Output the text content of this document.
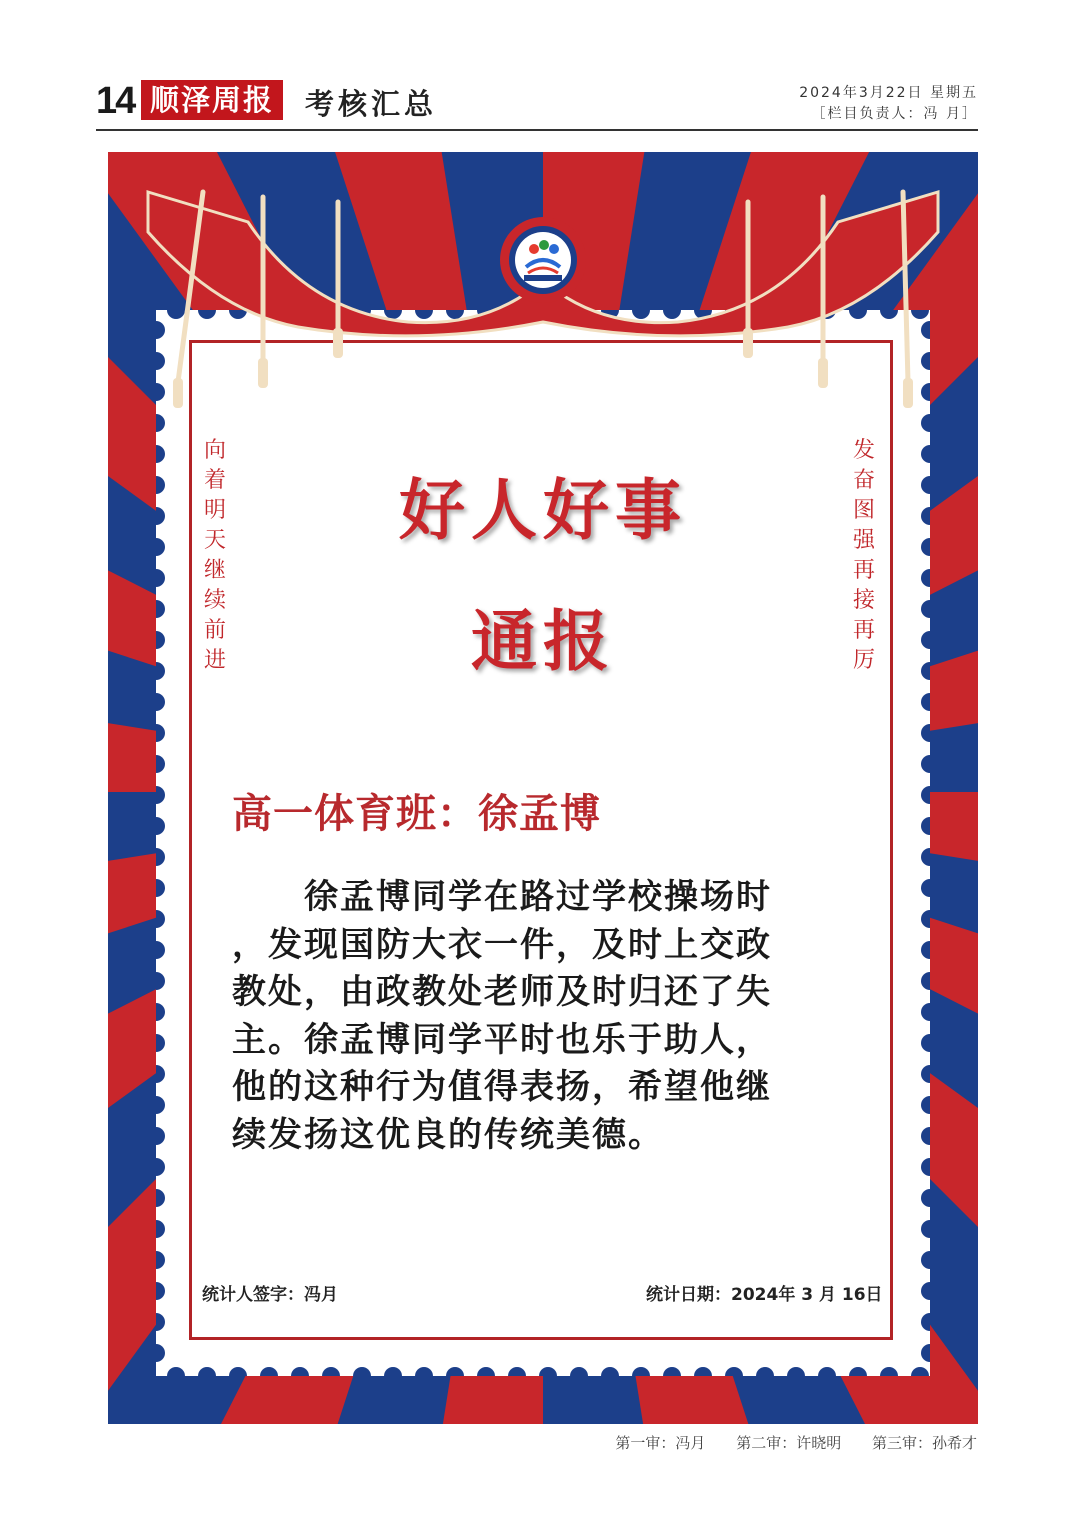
14 顺泽周报	考核汇总	2024年3月22日 星期五
［栏目负责人：冯 月］
向着明天继续前进
发奋图强再接再厉
好人好事
通报
高一体育班：徐孟博

　　徐孟博同学在路过学校操场时

，发现国防大衣一件，及时上交政

教处，由政教处老师及时归还了失

主。徐孟博同学平时也乐于助人，

他的这种行为值得表扬，希望他继

续发扬这优良的传统美德。

统计人签字：冯月	统计日期：2024年 3 月 16日
第一审：冯月 第二审：许晓明 第三审：孙希才
